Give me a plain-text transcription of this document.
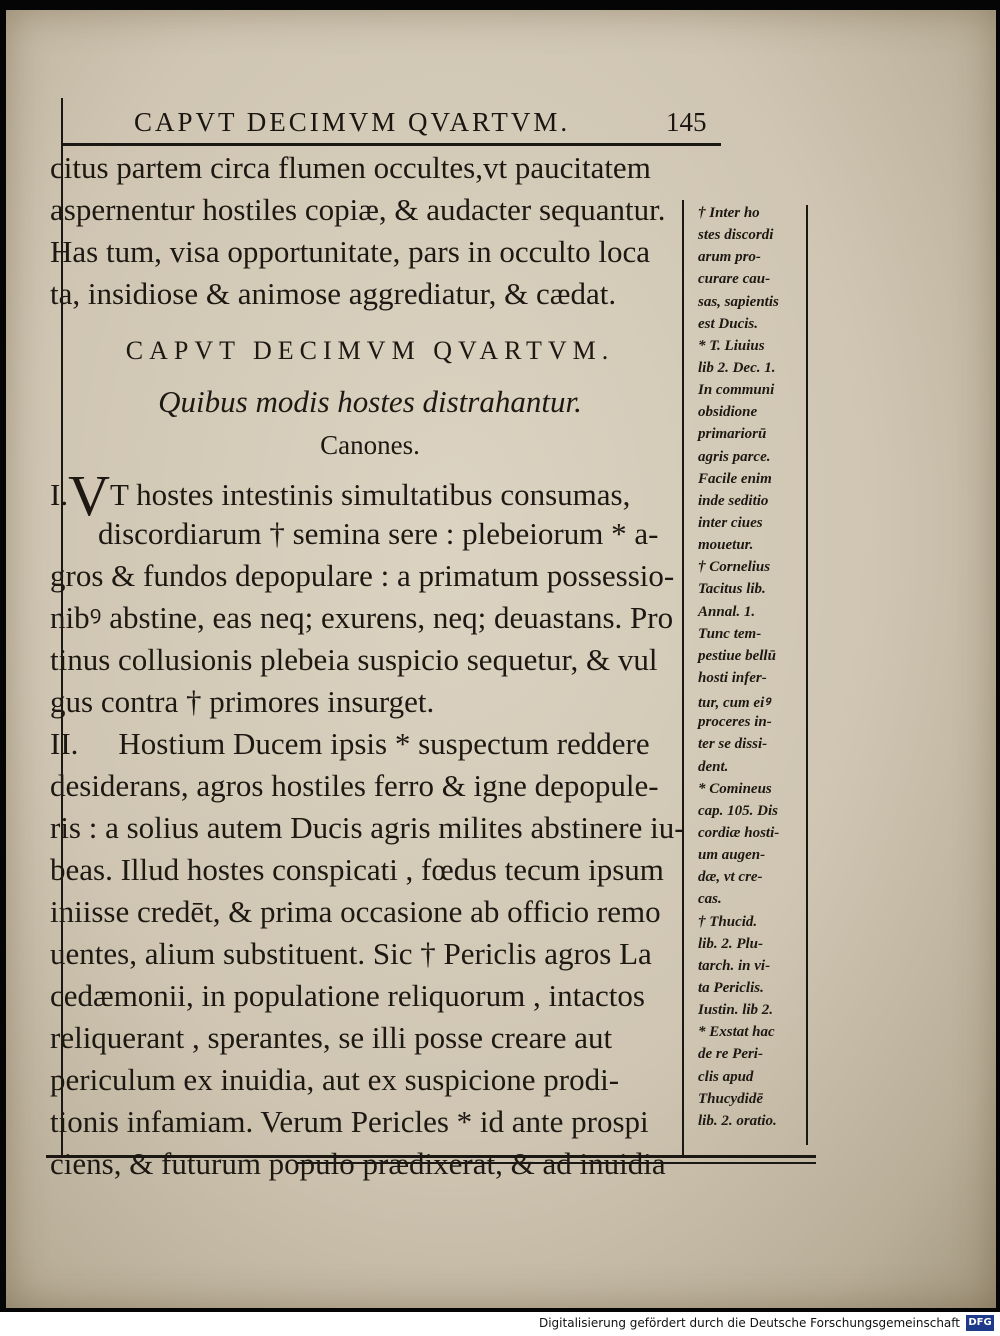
CAPVT DECIMVM QVARTVM.	145
citus partem circa flumen occultes,vt paucitatem
aspernentur hostiles copiæ, & audacter sequantur.
Has tum, visa opportunitate, pars in occulto loca
ta, insidiose & animose aggrediatur, & cædat.
CAPVT DECIMVM QVARTVM.
Quibus modis hostes distrahantur.
Canones.
I.VT hostes intestinis simultatibus consumas,
discordiarum † semina sere : plebeiorum * a-
gros & fundos depopulare : a primatum possessio-
nibꝰ abstine, eas neq; exurens, neq; deuastans. Pro
tinus collusionis plebeia suspicio sequetur, & vul
gus contra † primores insurget.
II. Hostium Ducem ipsis * suspectum reddere
desiderans, agros hostiles ferro & igne depopule-
ris : a solius autem Ducis agris milites abstinere iu-
beas. Illud hostes conspicati , fœdus tecum ipsum
iniisse credēt, & prima occasione ab officio remo
uentes, alium substituent. Sic † Periclis agros La
cedæmonii, in populatione reliquorum , intactos
reliquerant , sperantes, se illi posse creare aut
periculum ex inuidia, aut ex suspicione prodi-
tionis infamiam. Verum Pericles * id ante prospi
ciens, & futurum populo prædixerat, & ad inuidiā
† Inter ho
stes discordi
arum pro-
curare cau-
sas, sapientis
est Ducis.
* T. Liuius
lib 2. Dec. 1.
In communi
obsidione
primariorū
agris parce.
Facile enim
inde seditio
inter ciues
mouetur.
† Cornelius
Tacitus lib.
Annal. 1.
Tunc tem-
pestiue bellū
hosti infer-
tur, cum eiꝰ
proceres in-
ter se dissi-
dent.
* Comineus
cap. 105. Dis
cordiæ hosti-
um augen-
dæ, vt cre-
cas.
† Thucid.
lib. 2. Plu-
tarch. in vi-
ta Periclis.
Iustin. lib 2.
* Exstat hac
de re Peri-
clis apud
Thucydidē
lib. 2. oratio.
Digitalisierung gefördert durch die Deutsche Forschungsgemeinschaft DFG
